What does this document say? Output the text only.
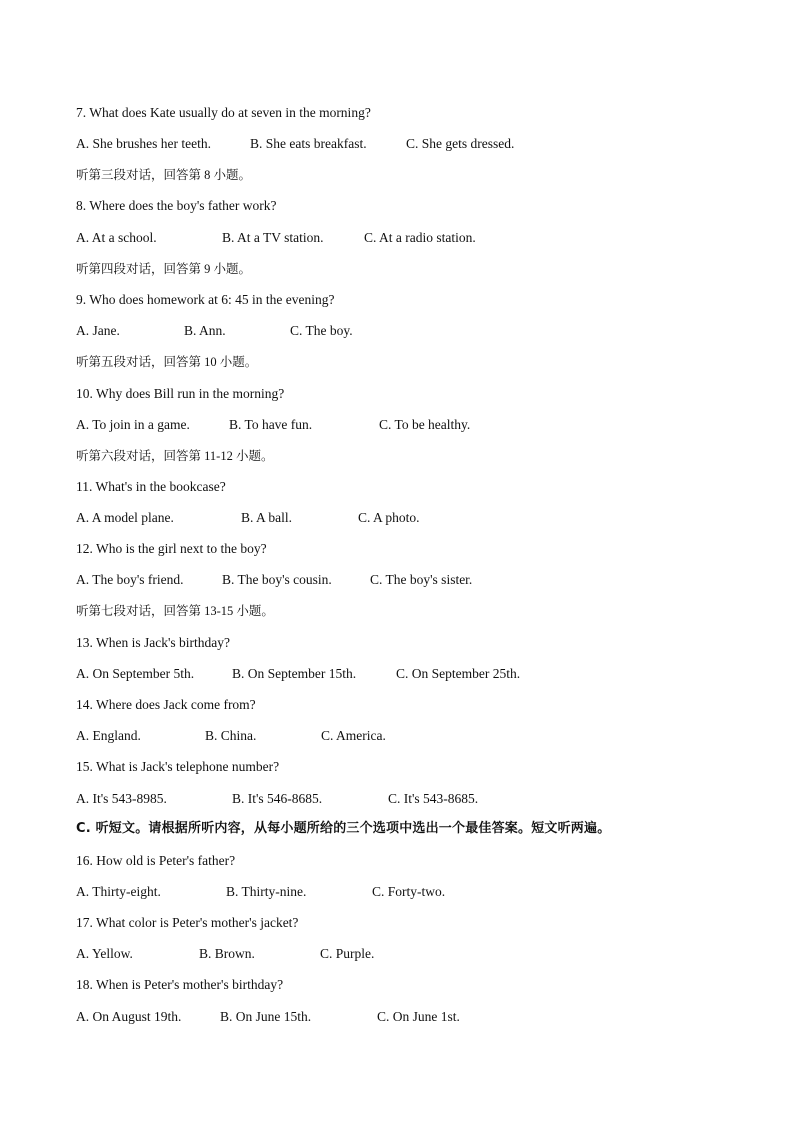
7. What does Kate usually do at seven in the morning?
A. She brushes her teeth.	B. She eats breakfast.	C. She gets dressed.
听第三段对话，回答第 8 小题。
8. Where does the boy's father work?
A. At a school.	B. At a TV station.	C. At a radio station.
听第四段对话，回答第 9 小题。
9. Who does homework at 6: 45 in the evening?
A. Jane.	B. Ann.	C. The boy.
听第五段对话，回答第 10 小题。
10. Why does Bill run in the morning?
A. To join in a game.	B. To have fun.	C. To be healthy.
听第六段对话，回答第 11-12 小题。
11. What's in the bookcase?
A. A model plane.	B. A ball.	C. A photo.
12. Who is the girl next to the boy?
A. The boy's friend.	B. The boy's cousin.	C. The boy's sister.
听第七段对话，回答第 13-15 小题。
13. When is Jack's birthday?
A. On September 5th.	B. On September 15th.	C. On September 25th.
14. Where does Jack come from?
A. England.	B. China.	C. America.
15. What is Jack's telephone number?
A. It's 543-8985.	B. It's 546-8685.	C. It's 543-8685.
C. 听短文。请根据所听内容，从每小题所给的三个选项中选出一个最佳答案。短文听两遍。
16. How old is Peter's father?
A. Thirty-eight.	B. Thirty-nine.	C. Forty-two.
17. What color is Peter's mother's jacket?
A. Yellow.	B. Brown.	C. Purple.
18. When is Peter's mother's birthday?
A. On August 19th.	B. On June 15th.	C. On June 1st.
